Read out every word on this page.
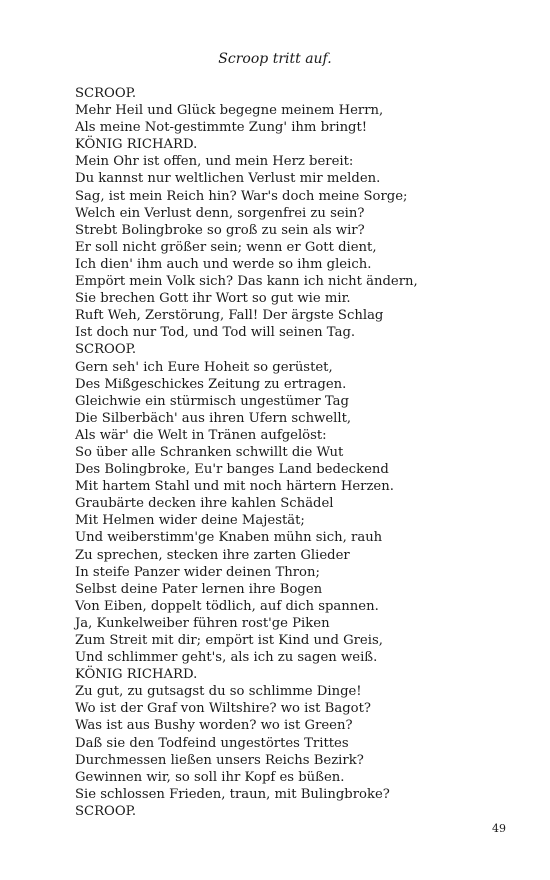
Scroop tritt auf.
SCROOP.
Mehr Heil und Glück begegne meinem Herrn,
Als meine Not-gestimmte Zung' ihm bringt!
KÖNIG RICHARD.
Mein Ohr ist offen, und mein Herz bereit:
Du kannst nur weltlichen Verlust mir melden.
Sag, ist mein Reich hin? War's doch meine Sorge;
Welch ein Verlust denn, sorgenfrei zu sein?
Strebt Bolingbroke so groß zu sein als wir?
Er soll nicht größer sein; wenn er Gott dient,
Ich dien' ihm auch und werde so ihm gleich.
Empört mein Volk sich? Das kann ich nicht ändern,
Sie brechen Gott ihr Wort so gut wie mir.
Ruft Weh, Zerstörung, Fall! Der ärgste Schlag
Ist doch nur Tod, und Tod will seinen Tag.
SCROOP.
Gern seh' ich Eure Hoheit so gerüstet,
Des Mißgeschickes Zeitung zu ertragen.
Gleichwie ein stürmisch ungestümer Tag
Die Silberbäch' aus ihren Ufern schwellt,
Als wär' die Welt in Tränen aufgelöst:
So über alle Schranken schwillt die Wut
Des Bolingbroke, Eu'r banges Land bedeckend
Mit hartem Stahl und mit noch härtern Herzen.
Graubärte decken ihre kahlen Schädel
Mit Helmen wider deine Majestät;
Und weiberstimm'ge Knaben mühn sich, rauh
Zu sprechen, stecken ihre zarten Glieder
In steife Panzer wider deinen Thron;
Selbst deine Pater lernen ihre Bogen
Von Eiben, doppelt tödlich, auf dich spannen.
Ja, Kunkelweiber führen rost'ge Piken
Zum Streit mit dir; empört ist Kind und Greis,
Und schlimmer geht's, als ich zu sagen weiß.
KÖNIG RICHARD.
Zu gut, zu gutsagst du so schlimme Dinge!
Wo ist der Graf von Wiltshire? wo ist Bagot?
Was ist aus Bushy worden? wo ist Green?
Daß sie den Todfeind ungestörtes Trittes
Durchmessen ließen unsers Reichs Bezirk?
Gewinnen wir, so soll ihr Kopf es büßen.
Sie schlossen Frieden, traun, mit Bulingbroke?
SCROOP.
49
